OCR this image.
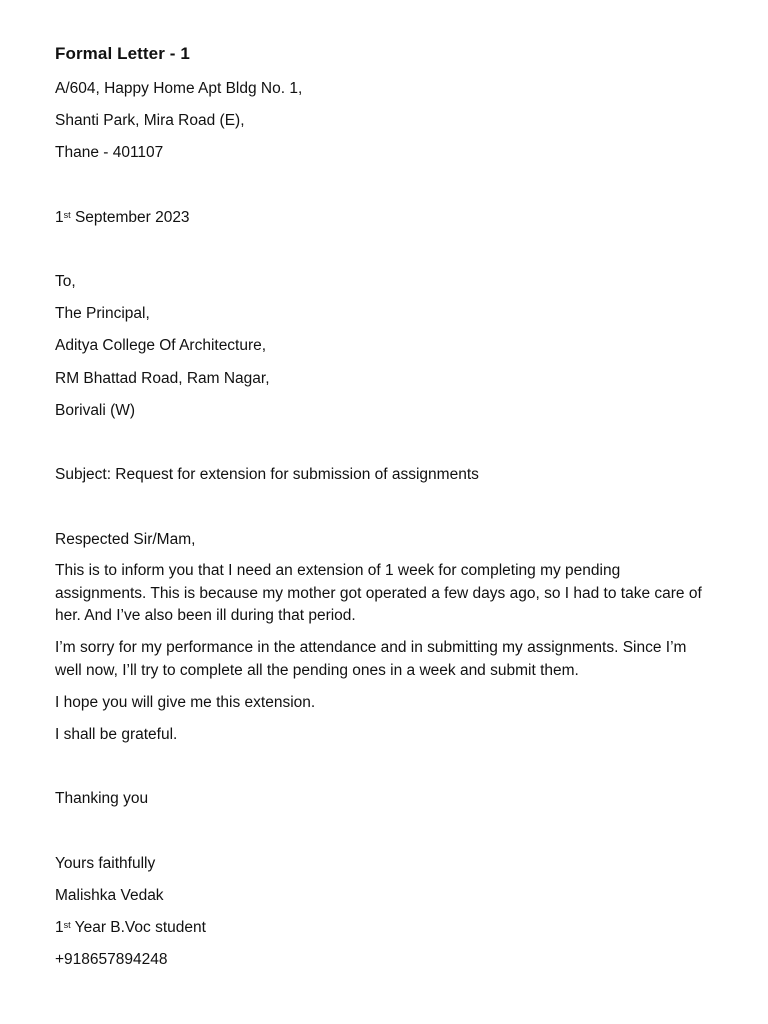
Formal Letter - 1
A/604, Happy Home Apt Bldg No. 1,
Shanti Park, Mira Road (E),
Thane - 401107
1st September 2023
To,
The Principal,
Aditya College Of Architecture,
RM Bhattad Road, Ram Nagar,
Borivali (W)
Subject: Request for extension for submission of assignments
Respected Sir/Mam,
This is to inform you that I need an extension of 1 week for completing my pending assignments. This is because my mother got operated a few days ago, so I had to take care of her. And I’ve also been ill during that period.
I’m sorry for my performance in the attendance and in submitting my assignments. Since I’m well now, I’ll try to complete all the pending ones in a week and submit them.
I hope you will give me this extension.
I shall be grateful.
Thanking you
Yours faithfully
Malishka Vedak
1st Year B.Voc student
+918657894248
